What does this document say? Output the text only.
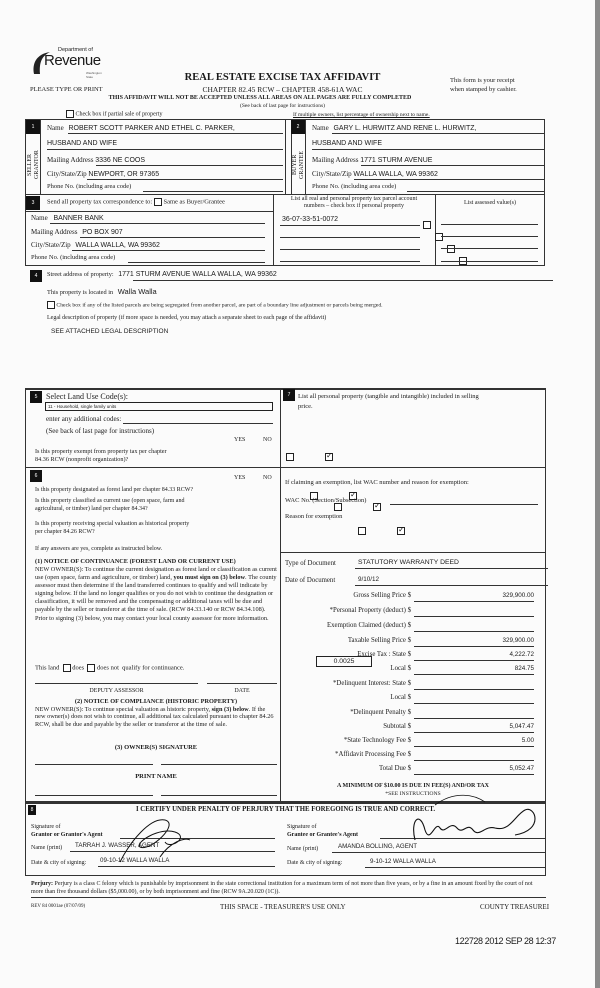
Department of
Revenue
Washington State
PLEASE TYPE OR PRINT
REAL ESTATE EXCISE TAX AFFIDAVIT
CHAPTER 82.45 RCW – CHAPTER 458-61A WAC
This form is your receipt
when stamped by cashier.
THIS AFFIDAVIT WILL NOT BE ACCEPTED UNLESS ALL AREAS ON ALL PAGES ARE FULLY COMPLETED
(See back of last page for instructions)
Check box if partial sale of property	If multiple owners, list percentage of ownership next to name.
1
SELLER
GRANTOR
Name ROBERT SCOTT PARKER AND ETHEL C. PARKER,
HUSBAND AND WIFE
Mailing Address 3336 NE COOS
City/State/Zip NEWPORT, OR 97365
Phone No. (including area code)
2
BUYER
GRANTEE
Name GARY L. HURWITZ AND RENE L. HURWITZ,
HUSBAND AND WIFE
Mailing Address 1771 STURM AVENUE
City/State/Zip WALLA WALLA, WA 99362
Phone No. (including area code)
3	Send all property tax correspondence to: Same as Buyer/Grantee
Name BANNER BANK
Mailing Address PO BOX 907
City/State/Zip WALLA WALLA, WA 99362
Phone No. (including area code)
List all real and personal property tax parcel account
numbers – check box if personal property	List assessed value(s)
36-07-33-51-0072

4	Street address of property: 1771 STURM AVENUE WALLA WALLA, WA 99362
This property is located in Walla Walla
Check box if any of the listed parcels are being segregated from another parcel, are part of a boundary line adjustment or parcels being merged.
Legal description of property (if more space is needed, you may attach a separate sheet to each page of the affidavit)
SEE ATTACHED LEGAL DESCRIPTION
5	Select Land Use Code(s):
11 - Household, single family units
enter any additional codes:
(See back of last page for instructions)
YES	NO
Is this property exempt from property tax per chapter
84.36 RCW (nonprofit organization)?
✓
6	YES	NO
Is this property designated as forest land per chapter 84.33 RCW?
✓
Is this property classified as current use (open space, farm and
agricultural, or timber) land per chapter 84.34?
✓
Is this property receiving special valuation as historical property
per chapter 84.26 RCW?
✓
If any answers are yes, complete as instructed below.
(1) NOTICE OF CONTINUANCE (FOREST LAND OR CURRENT USE)
NEW OWNER(S): To continue the current designation as forest land or classification as current use (open space, farm and agriculture, or timber) land, you must sign on (3) below. The county assessor must then determine if the land transferred continues to qualify and will indicate by signing below. If the land no longer qualifies or you do not wish to continue the designation or classification, it will be removed and the compensating or additional taxes will be due and payable by the seller or transferor at the time of sale. (RCW 84.33.140 or RCW 84.34.108). Prior to signing (3) below, you may contact your local county assessor for more information.
This land does does not qualify for continuance.
DEPUTY ASSESSOR	DATE
(2) NOTICE OF COMPLIANCE (HISTORIC PROPERTY)
NEW OWNER(S): To continue special valuation as historic property, sign (3) below. If the new owner(s) does not wish to continue, all additional tax calculated pursuant to chapter 84.26 RCW, shall be due and payable by the seller or transferor at the time of sale.
(3) OWNER(S) SIGNATURE
PRINT NAME
7	List all personal property (tangible and intangible) included in selling
price.
If claiming an exemption, list WAC number and reason for exemption:
WAC No. (Section/Subsection)
Reason for exemption
Type of Document	STATUTORY WARRANTY DEED
Date of Document	9/10/12
Gross Selling Price $	329,900.00
*Personal Property (deduct) $
Exemption Claimed (deduct) $
Taxable Selling Price $	329,900.00
Excise Tax : State $	4,222.72
Local $	824.75
*Delinquent Interest: State $
Local $
*Delinquent Penalty $
Subtotal $	5,047.47
*State Technology Fee $	5.00
*Affidavit Processing Fee $
Total Due $	5,052.47
0.0025
A MINIMUM OF $10.00 IS DUE IN FEE(S) AND/OR TAX
*SEE INSTRUCTIONS
8	I CERTIFY UNDER PENALTY OF PERJURY THAT THE FOREGOING IS TRUE AND CORRECT.
Signature of
Grantor or Grantor's Agent
Name (print) TARRAH J. WASSER, AGENT
Date & city of signing: 09-10-12 WALLA WALLA
Signature of
Grantee or Grantee's Agent
Name (print)	AMANDA BOLLING, AGENT
Date & city of signing:	9-10-12 WALLA WALLA
Perjury: Perjury is a class C felony which is punishable by imprisonment in the state correctional institution for a maximum term of not more than five years, or by a fine in an amount fixed by the court of not more than five thousand dollars ($5,000.00), or by both imprisonment and fine (RCW 9A.20.020 (1C)).
REV 84 0001ae (07/07/09)	THIS SPACE - TREASURER'S USE ONLY	COUNTY TREASUREI
122728 2012 SEP 28 12:37
